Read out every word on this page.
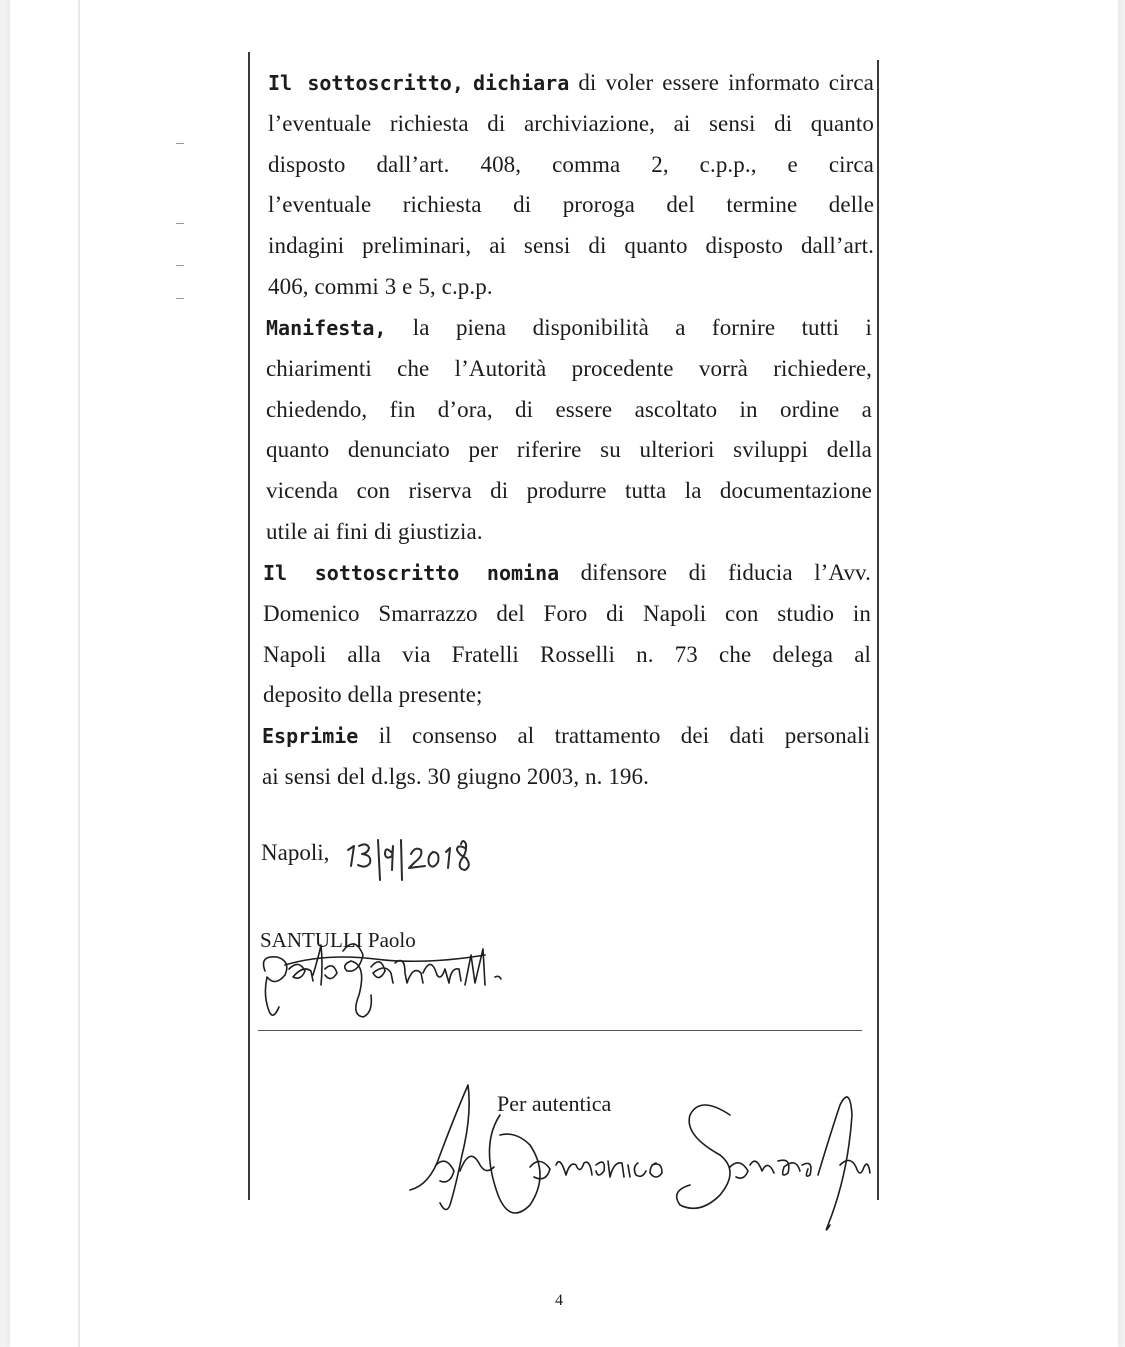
Il sottoscritto, dichiara di voler essere informato circa
l’eventuale richiesta di archiviazione, ai sensi di quanto
disposto dall’art. 408, comma 2, c.p.p., e circa
l’eventuale richiesta di proroga del termine delle
indagini preliminari, ai sensi di quanto disposto dall’art.
406, commi 3 e 5, c.p.p.
Manifesta, la piena disponibilità a fornire tutti i
chiarimenti che l’Autorità procedente vorrà richiedere,
chiedendo, fin d’ora, di essere ascoltato in ordine a
quanto denunciato per riferire su ulteriori sviluppi della
vicenda con riserva di produrre tutta la documentazione
utile ai fini di giustizia.
Il sottoscritto nomina difensore di fiducia l’Avv.
Domenico Smarrazzo del Foro di Napoli con studio in
Napoli alla via Fratelli Rosselli n. 73 che delega al
deposito della presente;
Esprimie il consenso al trattamento dei dati personali
ai sensi del d.lgs. 30 giugno 2003, n. 196.
Napoli,
SANTULLI Paolo
Per autentica
4
